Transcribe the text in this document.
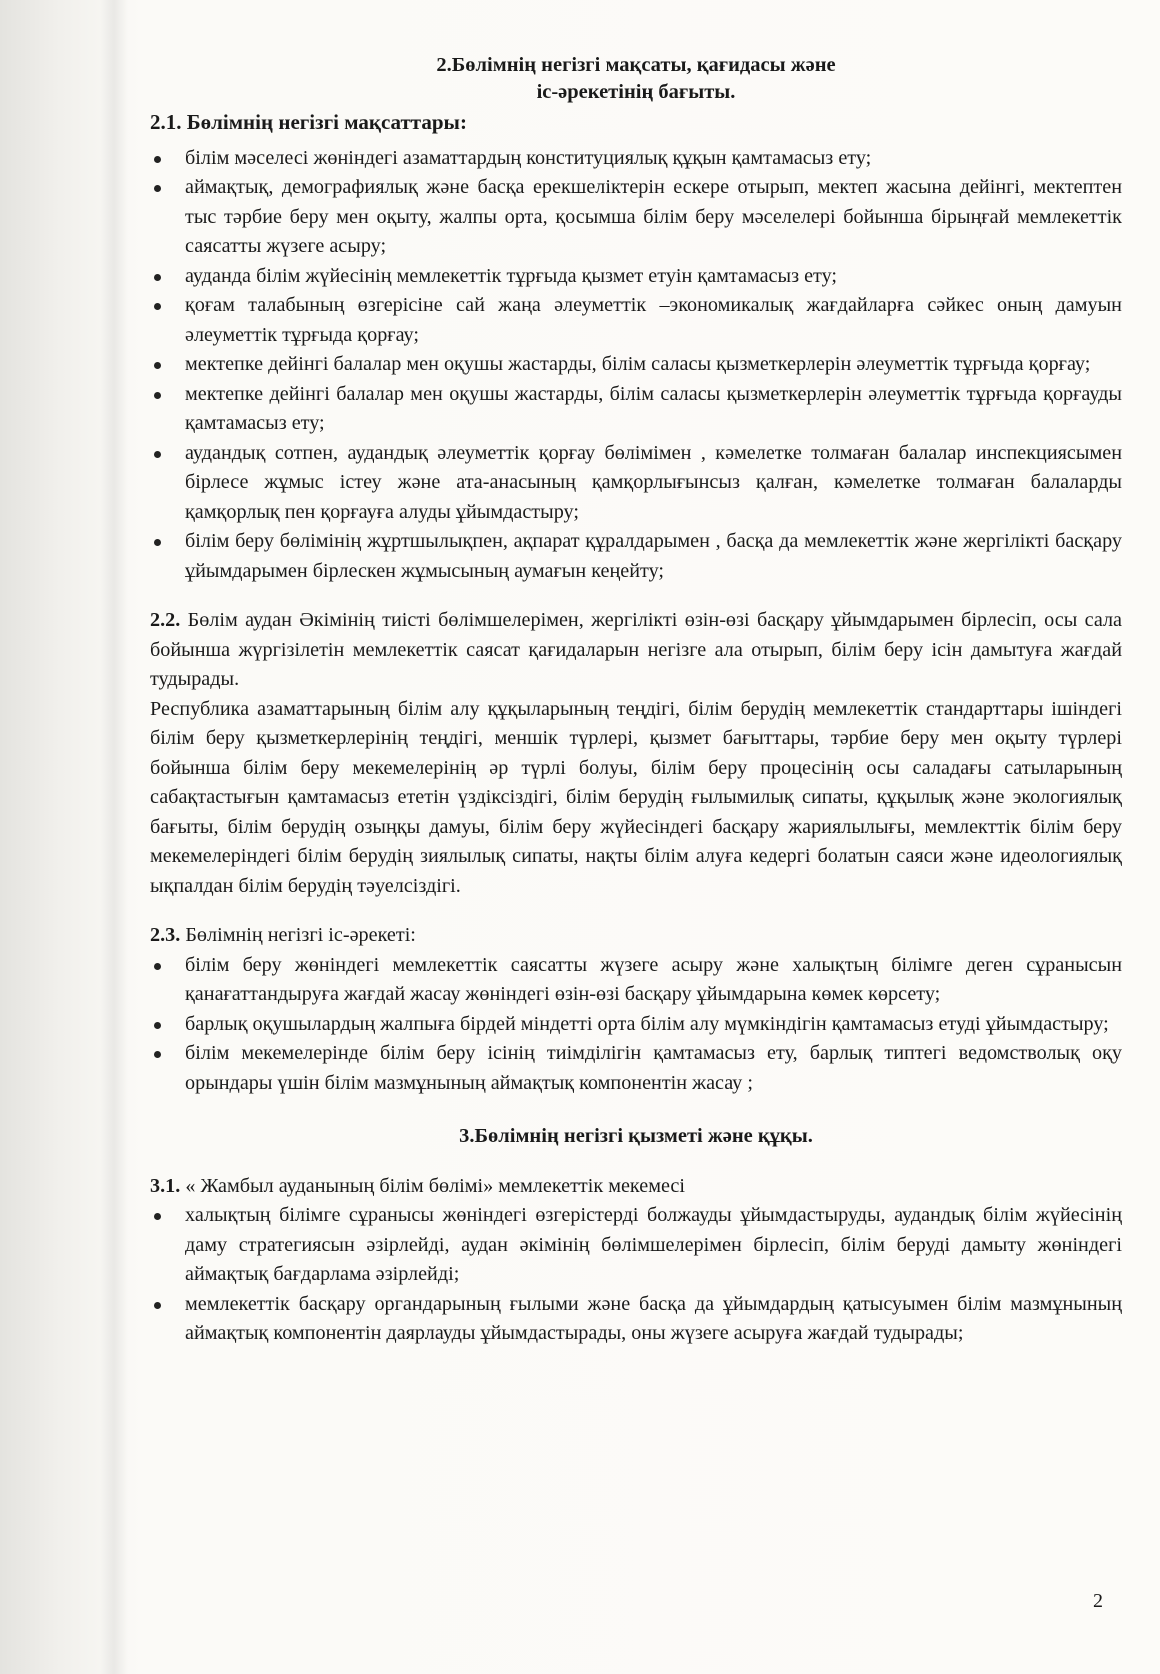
2.Бөлімнің негізгі мақсаты, қағидасы және
іс-әрекетінің бағыты.
2.1. Бөлімнің негізгі мақсаттары:
білім мәселесі жөніндегі азаматтардың конституциялық құқын қамтамасыз ету;
аймақтық, демографиялық және басқа ерекшеліктерін ескере отырып, мектеп жасына дейінгі, мектептен тыс тәрбие беру мен оқыту, жалпы орта, қосымша білім беру мәселелері бойынша бірыңғай мемлекеттік саясатты жүзеге асыру;
ауданда білім жүйесінің мемлекеттік тұрғыда қызмет етуін қамтамасыз ету;
қоғам талабының өзгерісіне сай жаңа әлеуметтік –экономикалық жағдайларға сәйкес оның дамуын әлеуметтік тұрғыда қорғау;
мектепке дейінгі балалар мен оқушы жастарды, білім саласы қызметкерлерін әлеуметтік тұрғыда қорғау;
мектепке дейінгі балалар мен оқушы жастарды, білім саласы қызметкерлерін әлеуметтік тұрғыда қорғауды қамтамасыз ету;
аудандық сотпен, аудандық әлеуметтік қорғау бөлімімен , кәмелетке толмаған балалар инспекциясымен бірлесе жұмыс істеу және ата-анасының қамқорлығынсыз қалған, кәмелетке толмаған балаларды қамқорлық пен қорғауға алуды ұйымдастыру;
білім беру бөлімінің жұртшылықпен, ақпарат құралдарымен , басқа да мемлекеттік және жергілікті басқару ұйымдарымен бірлескен жұмысының аумағын кеңейту;

2.2. Бөлім аудан Әкімінің тиісті бөлімшелерімен, жергілікті өзін-өзі басқару ұйымдарымен бірлесіп, осы сала бойынша жүргізілетін мемлекеттік саясат қағидаларын негізге ала отырып, білім беру ісін дамытуға жағдай тудырады.

Республика азаматтарының білім алу құқыларының теңдігі, білім берудің мемлекеттік стандарттары ішіндегі білім беру қызметкерлерінің теңдігі, меншік түрлері, қызмет бағыттары, тәрбие беру мен оқыту түрлері бойынша білім беру мекемелерінің әр түрлі болуы, білім беру процесінің осы саладағы сатыларының сабақтастығын қамтамасыз ететін үздіксіздігі, білім берудің ғылымилық сипаты, құқылық және экологиялық бағыты, білім берудің озыңқы дамуы, білім беру жүйесіндегі басқару жариялылығы, мемлекттік білім беру мекемелеріндегі білім берудің зиялылық сипаты, нақты білім алуға кедергі болатын саяси және идеологиялық ықпалдан білім берудің тәуелсіздігі.

2.3. Бөлімнің негізгі іс-әрекеті:

білім беру жөніндегі мемлекеттік саясатты жүзеге асыру және халықтың білімге деген сұранысын қанағаттандыруға жағдай жасау жөніндегі өзін-өзі басқару ұйымдарына көмек көрсету;
барлық оқушылардың жалпыға бірдей міндетті орта білім алу мүмкіндігін қамтамасыз етуді ұйымдастыру;
білім мекемелерінде білім беру ісінің тиімділігін қамтамасыз ету, барлық типтегі ведомстволық оқу орындары үшін білім мазмұнының аймақтық компонентін жасау ;
3.Бөлімнің негізгі қызметі және құқы.

3.1. « Жамбыл ауданының білім бөлімі» мемлекеттік мекемесі

халықтың білімге сұранысы жөніндегі өзгерістерді болжауды ұйымдастыруды, аудандық білім жүйесінің даму стратегиясын әзірлейді, аудан әкімінің бөлімшелерімен бірлесіп, білім беруді дамыту жөніндегі аймақтық бағдарлама әзірлейді;
мемлекеттік басқару органдарының ғылыми және басқа да ұйымдардың қатысуымен білім мазмұнының аймақтық компонентін даярлауды ұйымдастырады, оны жүзеге асыруға жағдай тудырады;
2
